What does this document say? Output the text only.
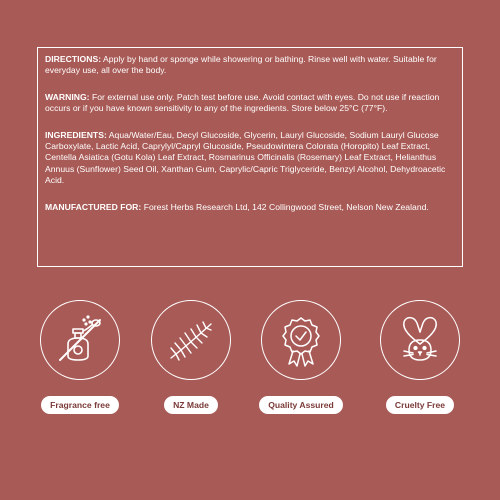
DIRECTIONS: Apply by hand or sponge while showering or bathing. Rinse well with water. Suitable for everyday use, all over the body.

WARNING: For external use only. Patch test before use. Avoid contact with eyes. Do not use if reaction occurs or if you have known sensitivity to any of the ingredients. Store below 25°C (77°F).

INGREDIENTS: Aqua/Water/Eau, Decyl Glucoside, Glycerin, Lauryl Glucoside, Sodium Lauryl Glucose Carboxylate, Lactic Acid, Caprylyl/Capryl Glucoside, Pseudowintera Colorata (Horopito) Leaf Extract, Centella Asiatica (Gotu Kola) Leaf Extract, Rosmarinus Officinalis (Rosemary) Leaf Extract, Helianthus Annuus (Sunflower) Seed Oil, Xanthan Gum, Caprylic/Capric Triglyceride, Benzyl Alcohol, Dehydroacetic Acid.

MANUFACTURED FOR: Forest Herbs Research Ltd, 142 Collingwood Street, Nelson New Zealand.

Fragrance free	NZ Made	Quality Assured	Cruelty Free
